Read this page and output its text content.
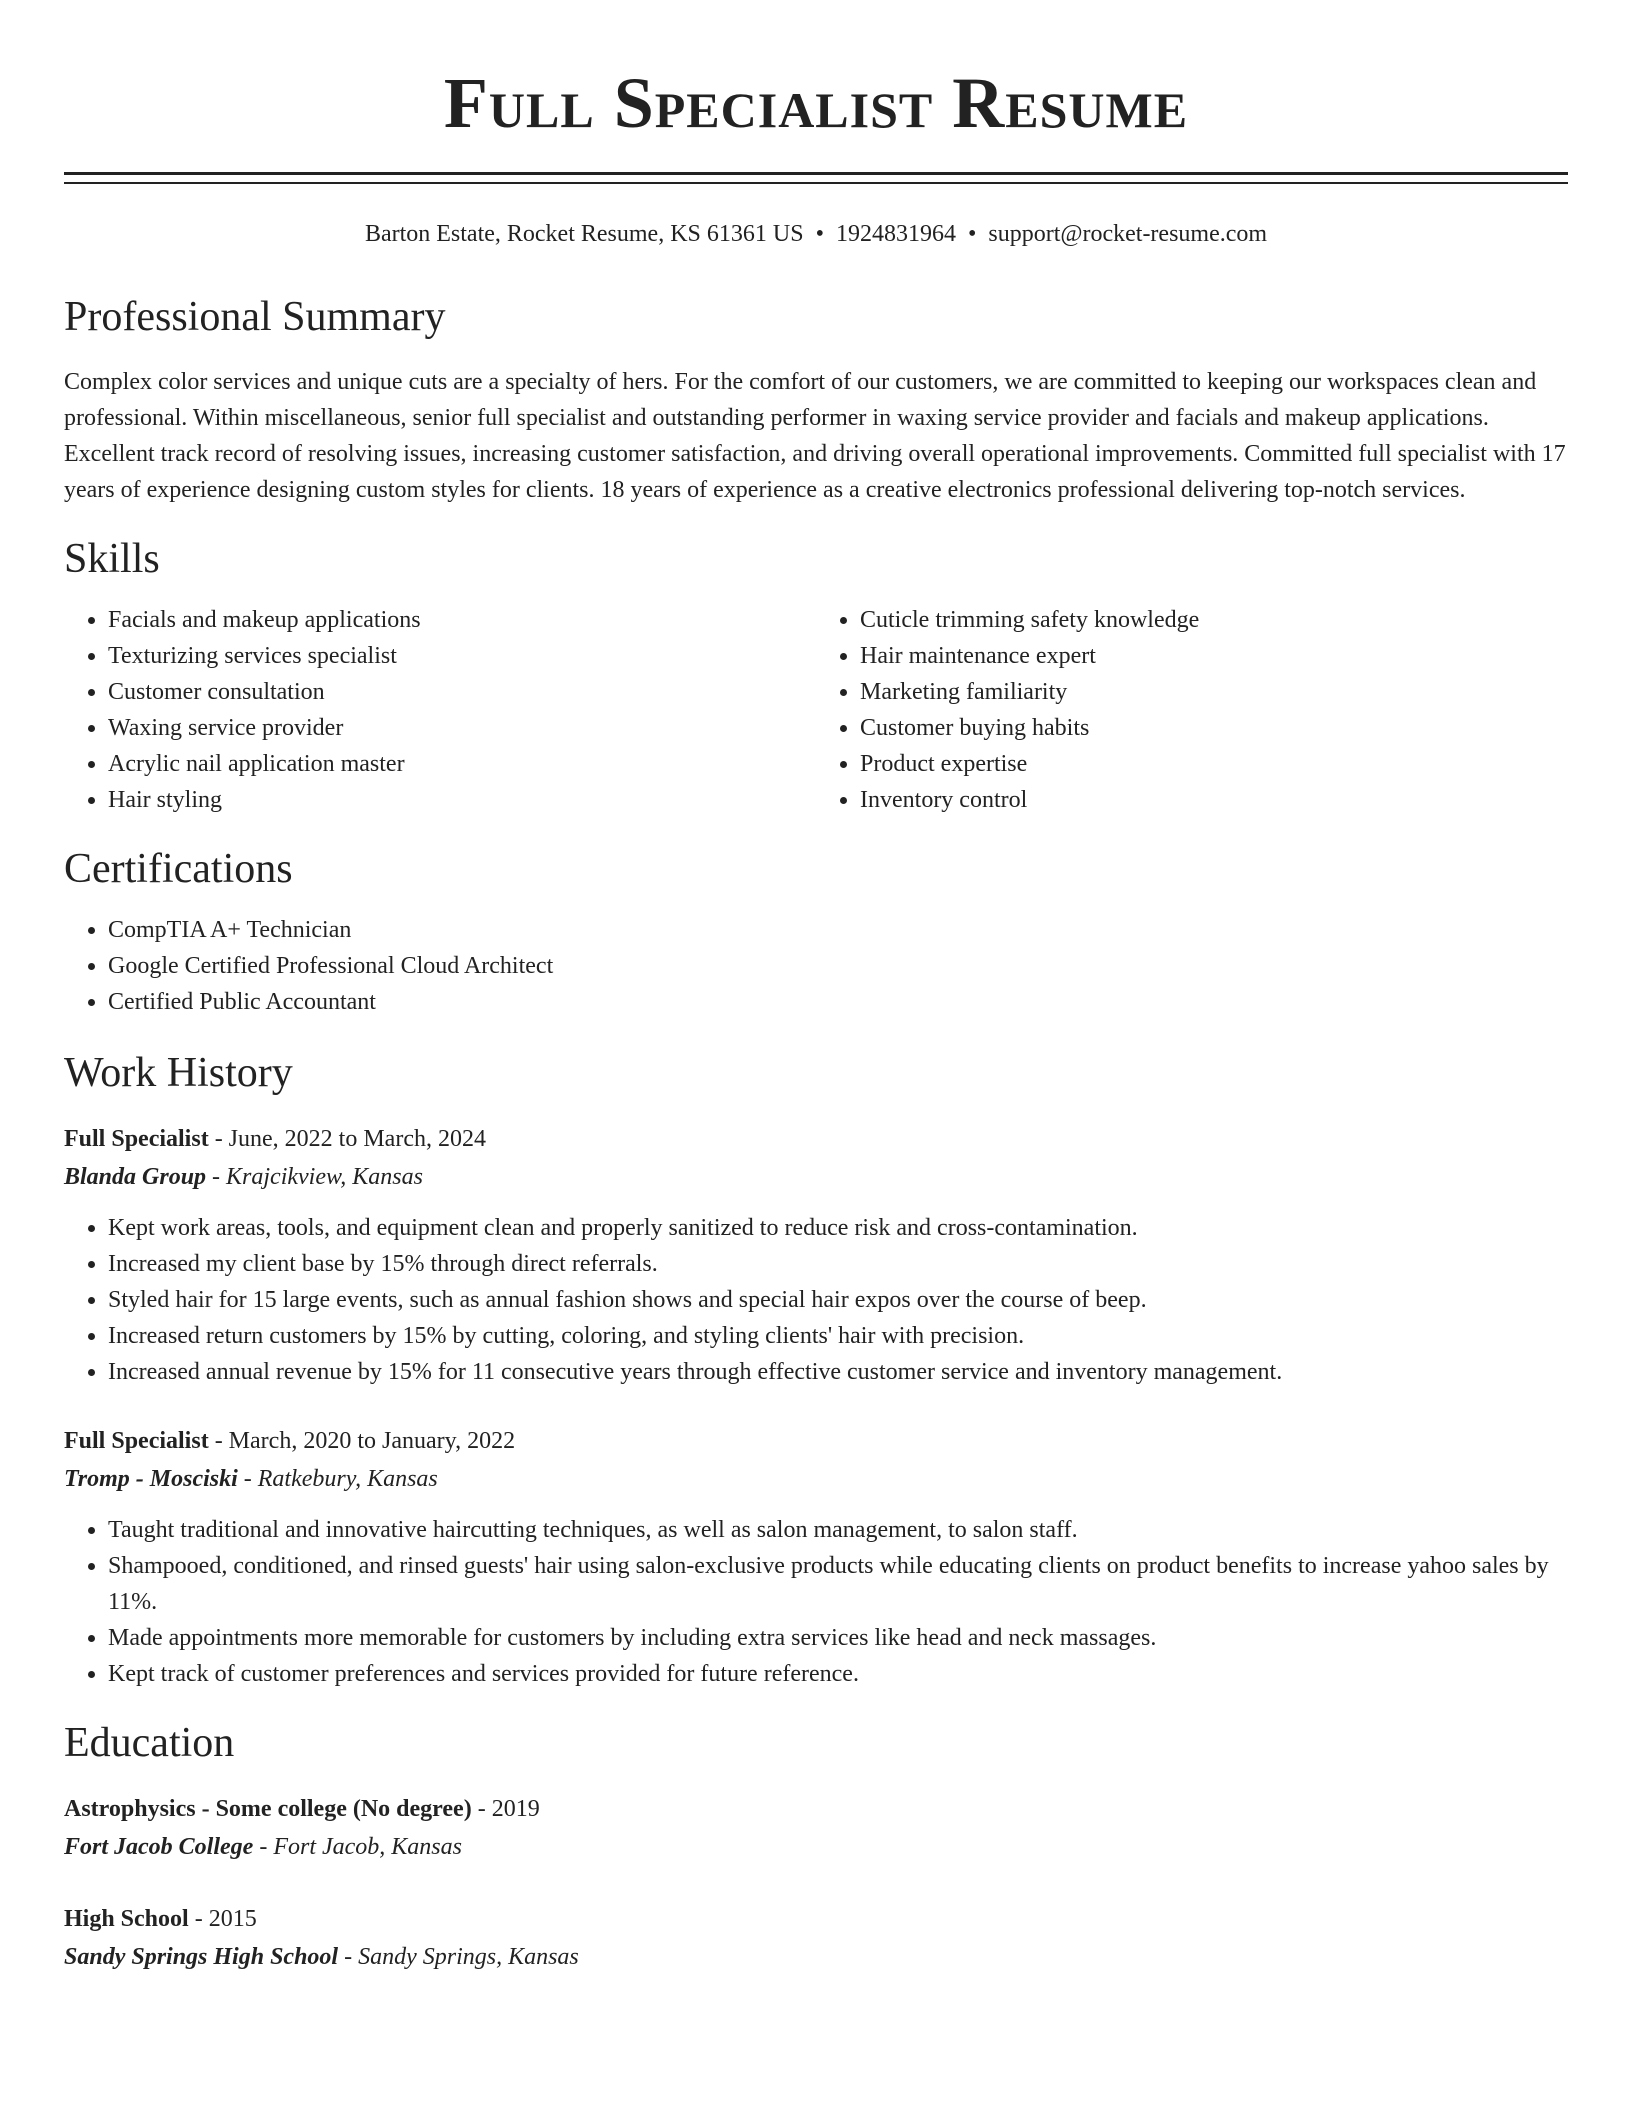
Full Specialist Resume
Barton Estate, Rocket Resume, KS 61361 US • 1924831964 • support@rocket-resume.com
Professional Summary
Complex color services and unique cuts are a specialty of hers. For the comfort of our customers, we are committed to keeping our workspaces clean and professional. Within miscellaneous, senior full specialist and outstanding performer in waxing service provider and facials and makeup applications. Excellent track record of resolving issues, increasing customer satisfaction, and driving overall operational improvements. Committed full specialist with 17 years of experience designing custom styles for clients. 18 years of experience as a creative electronics professional delivering top-notch services.
Skills
• Facials and makeup applications
• Texturizing services specialist
• Customer consultation
• Waxing service provider
• Acrylic nail application master
• Hair styling
• Cuticle trimming safety knowledge
• Hair maintenance expert
• Marketing familiarity
• Customer buying habits
• Product expertise
• Inventory control
Certifications
• CompTIA A+ Technician
• Google Certified Professional Cloud Architect
• Certified Public Accountant
Work History
Full Specialist - June, 2022 to March, 2024
Blanda Group - Krajcikview, Kansas
• Kept work areas, tools, and equipment clean and properly sanitized to reduce risk and cross-contamination.
• Increased my client base by 15% through direct referrals.
• Styled hair for 15 large events, such as annual fashion shows and special hair expos over the course of beep.
• Increased return customers by 15% by cutting, coloring, and styling clients' hair with precision.
• Increased annual revenue by 15% for 11 consecutive years through effective customer service and inventory management.
Full Specialist - March, 2020 to January, 2022
Tromp - Mosciski - Ratkebury, Kansas
• Taught traditional and innovative haircutting techniques, as well as salon management, to salon staff.
• Shampooed, conditioned, and rinsed guests' hair using salon-exclusive products while educating clients on product benefits to increase yahoo sales by 11%.
• Made appointments more memorable for customers by including extra services like head and neck massages.
• Kept track of customer preferences and services provided for future reference.
Education
Astrophysics - Some college (No degree) - 2019
Fort Jacob College - Fort Jacob, Kansas
High School - 2015
Sandy Springs High School - Sandy Springs, Kansas
